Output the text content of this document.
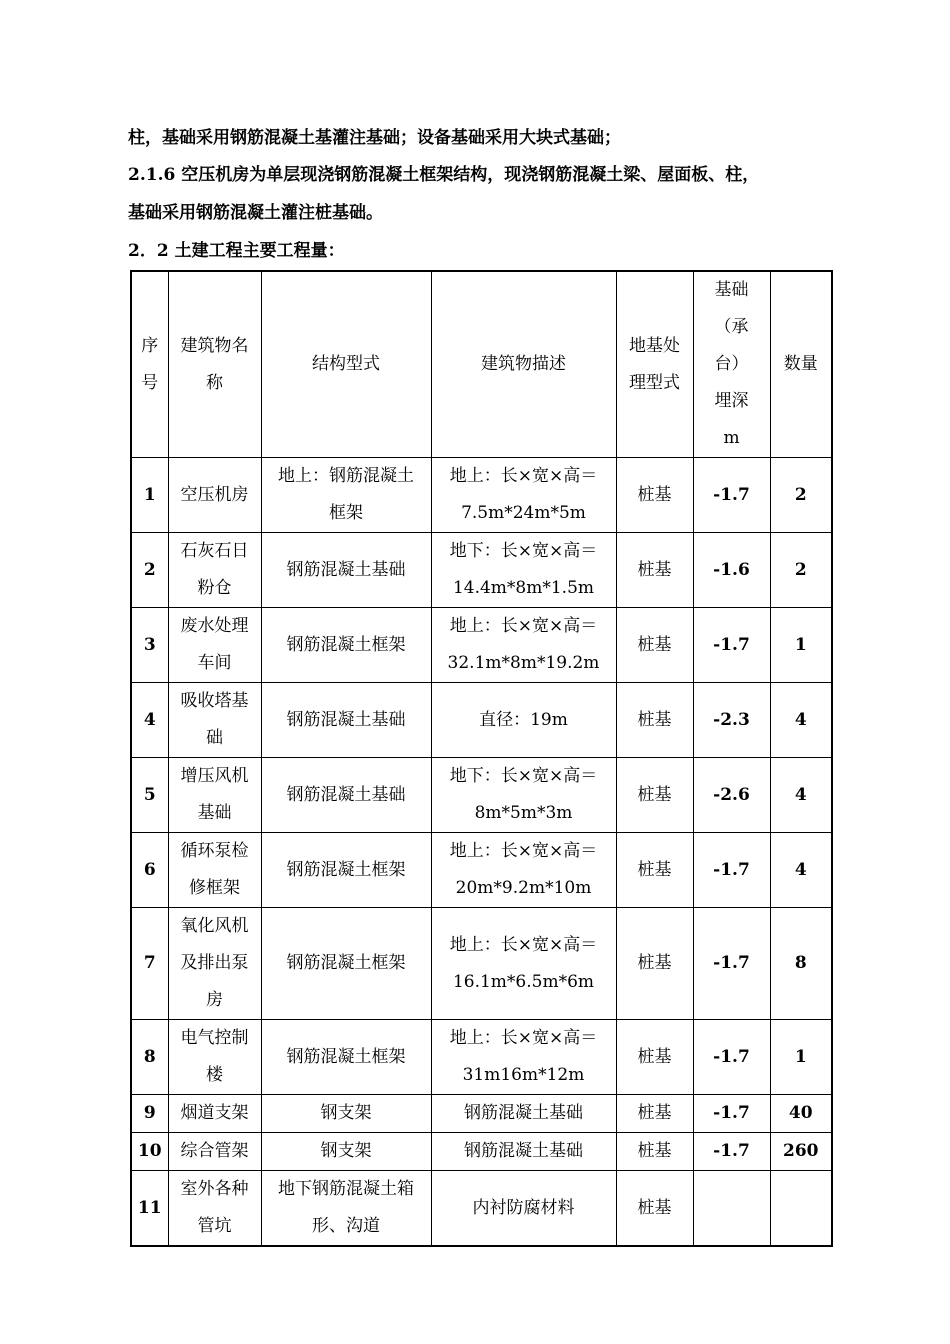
柱，基础采用钢筋混凝土基灌注基础；设备基础采用大块式基础；
2.1.6 空压机房为单层现浇钢筋混凝土框架结构，现浇钢筋混凝土梁、屋面板、柱，
基础采用钢筋混凝土灌注桩基础。
2．2 土建工程主要工程量：
序号	建筑物名称	结构型式	建筑物描述	地基处理型式	基础（承台）埋深 m	数量
1	空压机房	地上：钢筋混凝土框架	地上：长×宽×高＝7.5m*24m*5m	桩基	-1.7	2
2	石灰石日粉仓	钢筋混凝土基础	地下：长×宽×高＝14.4m*8m*1.5m	桩基	-1.6	2
3	废水处理车间	钢筋混凝土框架	地上：长×宽×高＝32.1m*8m*19.2m	桩基	-1.7	1
4	吸收塔基础	钢筋混凝土基础	直径：19m	桩基	-2.3	4
5	增压风机基础	钢筋混凝土基础	地下：长×宽×高＝8m*5m*3m	桩基	-2.6	4
6	循环泵检修框架	钢筋混凝土框架	地上：长×宽×高＝20m*9.2m*10m	桩基	-1.7	4
7	氧化风机及排出泵房	钢筋混凝土框架	地上：长×宽×高＝16.1m*6.5m*6m	桩基	-1.7	8
8	电气控制楼	钢筋混凝土框架	地上：长×宽×高＝31m16m*12m	桩基	-1.7	1
9	烟道支架	钢支架	钢筋混凝土基础	桩基	-1.7	40
10	综合管架	钢支架	钢筋混凝土基础	桩基	-1.7	260
11	室外各种管坑	地下钢筋混凝土箱形、沟道	内衬防腐材料	桩基		
